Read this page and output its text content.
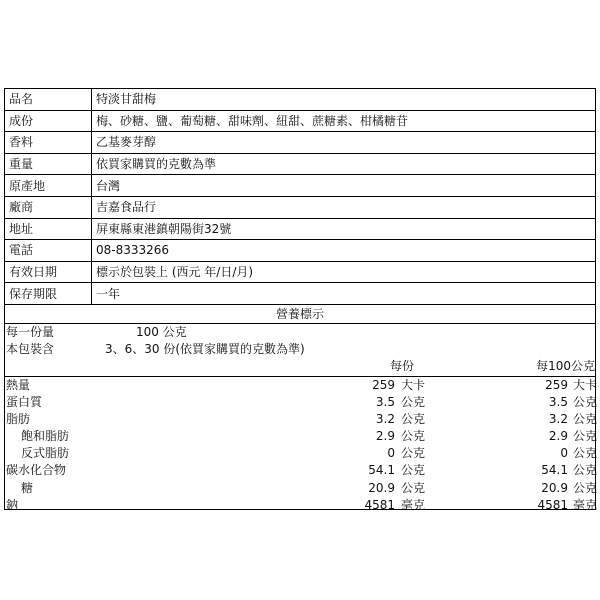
品名	特淡甘甜梅
成份	梅、砂糖、鹽、葡萄糖、甜味劑、紐甜、蔗糖素、柑橘糖苷
香料	乙基麥芽醇
重量	依買家購買的克數為準
原產地	台灣
廠商	吉嘉食品行
地址	屏東縣東港鎮朝陽街32號
電話	08-8333266
有效日期	標示於包裝上 (西元 年/日/月)
保存期限	一年
營養標示
每一份量	100 公克
本包裝含	3、6、30 份(依買家購買的克數為準)
每份	每100公克
熱量	259 大卡	259 大卡
蛋白質	3.5 公克	3.5 公克
脂肪	3.2 公克	3.2 公克
飽和脂肪	2.9 公克	2.9 公克
反式脂肪	0 公克	0 公克
碳水化合物	54.1 公克	54.1 公克
糖	20.9 公克	20.9 公克
鈉	4581 毫克	4581 毫克
